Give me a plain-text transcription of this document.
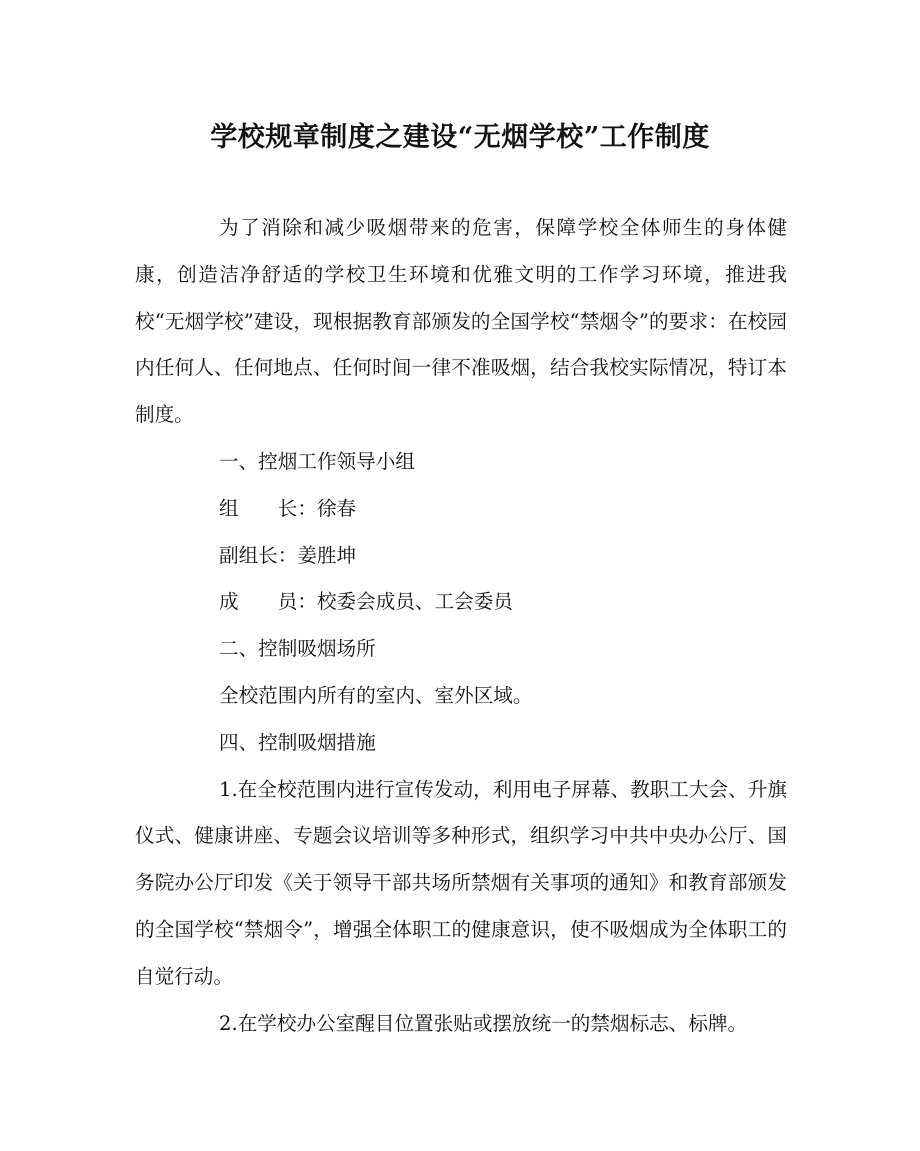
学校规章制度之建设“无烟学校”工作制度

为了消除和减少吸烟带来的危害，保障学校全体师生的身体健康，创造洁净舒适的学校卫生环境和优雅文明的工作学习环境，推进我校“无烟学校”建设，现根据教育部颁发的全国学校“禁烟令”的要求：在校园内任何人、任何地点、任何时间一律不准吸烟，结合我校实际情况，特订本制度。

一、控烟工作领导小组
组　　长：徐春
副组长：姜胜坤
成　　员：校委会成员、工会委员
二、控制吸烟场所
全校范围内所有的室内、室外区域。
四、控制吸烟措施

1.在全校范围内进行宣传发动，利用电子屏幕、教职工大会、升旗仪式、健康讲座、专题会议培训等多种形式，组织学习中共中央办公厅、国务院办公厅印发《关于领导干部共场所禁烟有关事项的通知》和教育部颁发的全国学校“禁烟令”，增强全体职工的健康意识，使不吸烟成为全体职工的自觉行动。

2.在学校办公室醒目位置张贴或摆放统一的禁烟标志、标牌。
